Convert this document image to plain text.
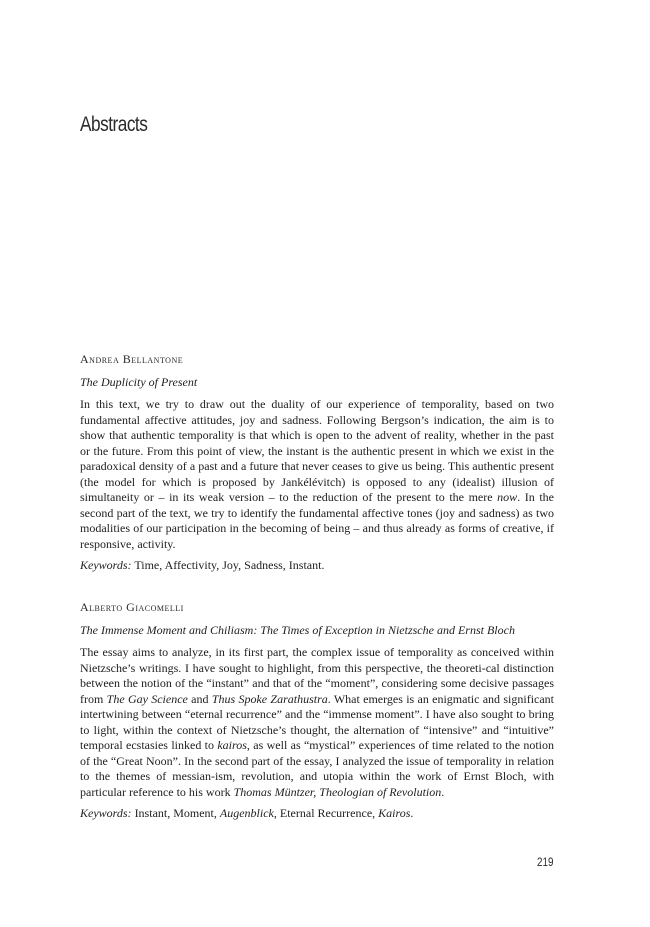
Abstracts

Andrea Bellantone

The Duplicity of Present

In this text, we try to draw out the duality of our experience of temporality, based on two fundamental affective attitudes, joy and sadness. Following Bergson’s indication, the aim is to show that authentic temporality is that which is open to the advent of reality, whether in the past or the future. From this point of view, the instant is the authentic present in which we exist in the paradoxical density of a past and a future that never ceases to give us being. This authentic present (the model for which is proposed by Jankélévitch) is opposed to any (idealist) illusion of simultaneity or – in its weak version – to the reduction of the present to the mere now. In the second part of the text, we try to identify the fundamental affective tones (joy and sadness) as two modalities of our participation in the becoming of being – and thus already as forms of creative, if responsive, activity.

Keywords: Time, Affectivity, Joy, Sadness, Instant.

Alberto Giacomelli

The Immense Moment and Chiliasm: The Times of Exception in Nietzsche and Ernst Bloch

The essay aims to analyze, in its first part, the complex issue of temporality as conceived within Nietzsche’s writings. I have sought to highlight, from this perspective, the theoreti-cal distinction between the notion of the “instant” and that of the “moment”, considering some decisive passages from The Gay Science and Thus Spoke Zarathustra. What emerges is an enigmatic and significant intertwining between “eternal recurrence” and the “immense moment”. I have also sought to bring to light, within the context of Nietzsche’s thought, the alternation of “intensive” and “intuitive” temporal ecstasies linked to kairos, as well as “mystical” experiences of time related to the notion of the “Great Noon”. In the second part of the essay, I analyzed the issue of temporality in relation to the themes of messian-ism, revolution, and utopia within the work of Ernst Bloch, with particular reference to his work Thomas Müntzer, Theologian of Revolution.

Keywords: Instant, Moment, Augenblick, Eternal Recurrence, Kairos.

219
